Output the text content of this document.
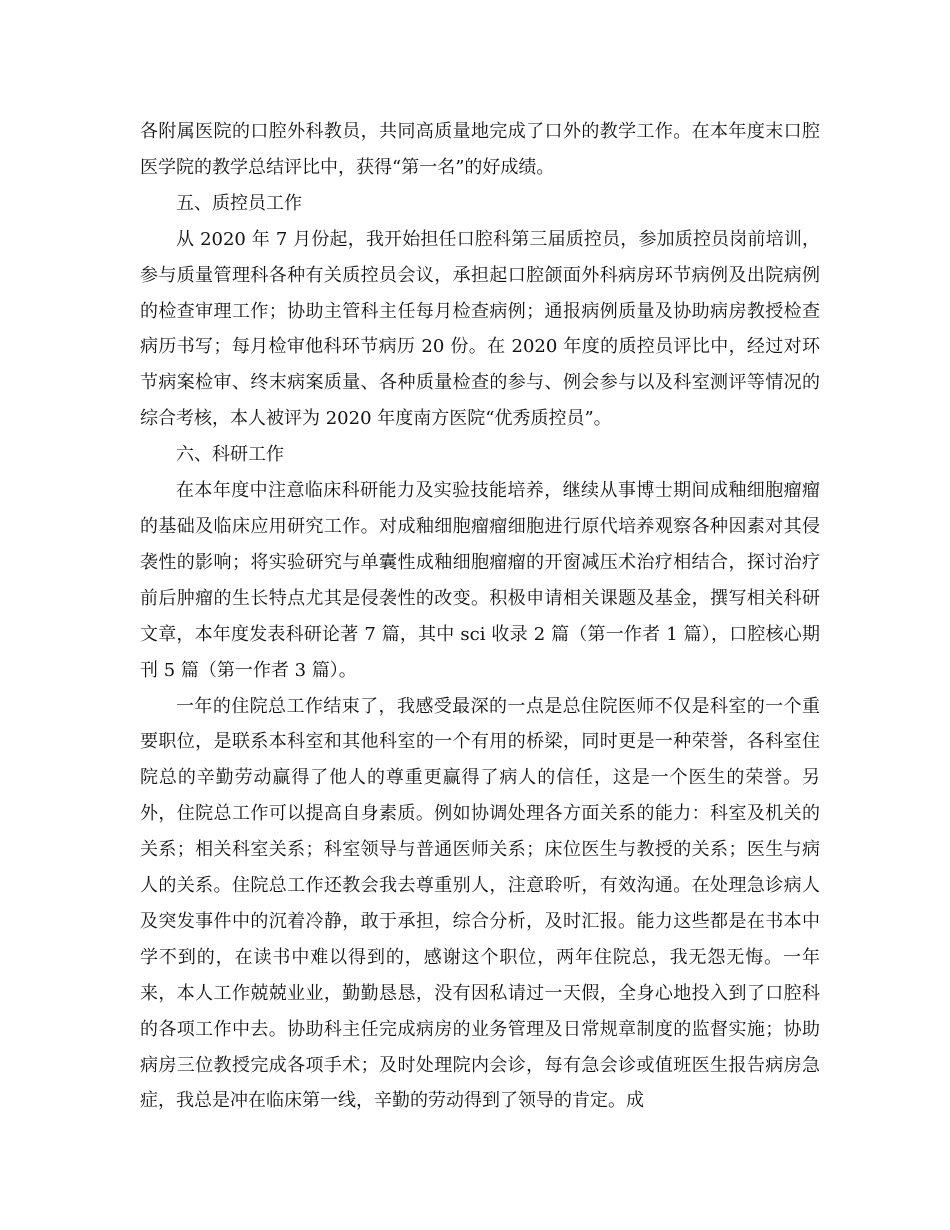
各附属医院的口腔外科教员，共同高质量地完成了口外的教学工作。在本年度末口腔医学院的教学总结评比中，获得“第一名”的好成绩。

五、质控员工作

从 2020 年 7 月份起，我开始担任口腔科第三届质控员，参加质控员岗前培训，参与质量管理科各种有关质控员会议，承担起口腔颌面外科病房环节病例及出院病例的检查审理工作；协助主管科主任每月检查病例；通报病例质量及协助病房教授检查病历书写；每月检审他科环节病历 20 份。在 2020 年度的质控员评比中，经过对环节病案检审、终末病案质量、各种质量检查的参与、例会参与以及科室测评等情况的综合考核，本人被评为 2020 年度南方医院“优秀质控员”。

六、科研工作

在本年度中注意临床科研能力及实验技能培养，继续从事博士期间成釉细胞瘤瘤的基础及临床应用研究工作。对成釉细胞瘤瘤细胞进行原代培养观察各种因素对其侵袭性的影响；将实验研究与单囊性成釉细胞瘤瘤的开窗减压术治疗相结合，探讨治疗前后肿瘤的生长特点尤其是侵袭性的改变。积极申请相关课题及基金，撰写相关科研文章，本年度发表科研论著 7 篇，其中 sci 收录 2 篇（第一作者 1 篇），口腔核心期刊 5 篇（第一作者 3 篇）。

一年的住院总工作结束了，我感受最深的一点是总住院医师不仅是科室的一个重要职位，是联系本科室和其他科室的一个有用的桥梁，同时更是一种荣誉，各科室住院总的辛勤劳动赢得了他人的尊重更赢得了病人的信任，这是一个医生的荣誉。另外，住院总工作可以提高自身素质。例如协调处理各方面关系的能力：科室及机关的关系；相关科室关系；科室领导与普通医师关系；床位医生与教授的关系；医生与病人的关系。住院总工作还教会我去尊重别人，注意聆听，有效沟通。在处理急诊病人及突发事件中的沉着冷静，敢于承担，综合分析，及时汇报。能力这些都是在书本中学不到的，在读书中难以得到的，感谢这个职位，两年住院总，我无怨无悔。一年来，本人工作兢兢业业，勤勤恳恳，没有因私请过一天假，全身心地投入到了口腔科的各项工作中去。协助科主任完成病房的业务管理及日常规章制度的监督实施；协助病房三位教授完成各项手术；及时处理院内会诊，每有急会诊或值班医生报告病房急症，我总是冲在临床第一线，辛勤的劳动得到了领导的肯定。成
